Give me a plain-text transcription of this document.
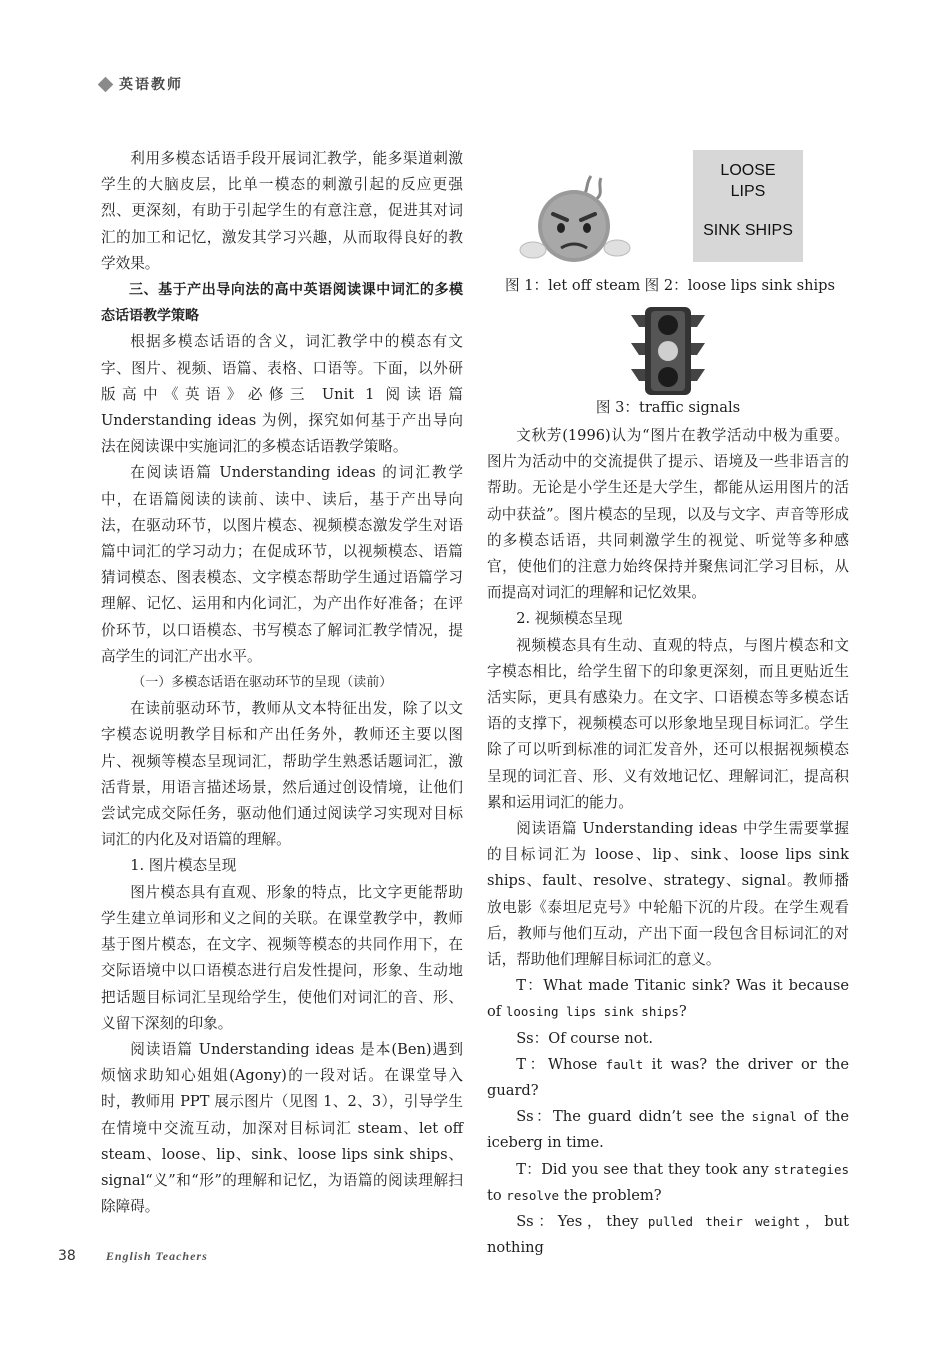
英语教师

利用多模态话语手段开展词汇教学，能多渠道刺激学生的大脑皮层，比单一模态的刺激引起的反应更强烈、更深刻，有助于引起学生的有意注意，促进其对词汇的加工和记忆，激发其学习兴趣，从而取得良好的教学效果。

三、基于产出导向法的高中英语阅读课中词汇的多模态话语教学策略

根据多模态话语的含义，词汇教学中的模态有文字、图片、视频、语篇、表格、口语等。下面，以外研版高中《英语》必修三 Unit 1 阅读语篇 Understanding ideas 为例，探究如何基于产出导向法在阅读课中实施词汇的多模态话语教学策略。

在阅读语篇 Understanding ideas 的词汇教学中，在语篇阅读的读前、读中、读后，基于产出导向法，在驱动环节，以图片模态、视频模态激发学生对语篇中词汇的学习动力；在促成环节，以视频模态、语篇猜词模态、图表模态、文字模态帮助学生通过语篇学习理解、记忆、运用和内化词汇，为产出作好准备；在评价环节，以口语模态、书写模态了解词汇教学情况，提高学生的词汇产出水平。

（一）多模态话语在驱动环节的呈现（读前）

在读前驱动环节，教师从文本特征出发，除了以文字模态说明教学目标和产出任务外，教师还主要以图片、视频等模态呈现词汇，帮助学生熟悉话题词汇，激活背景，用语言描述场景，然后通过创设情境，让他们尝试完成交际任务，驱动他们通过阅读学习实现对目标词汇的内化及对语篇的理解。

1. 图片模态呈现

图片模态具有直观、形象的特点，比文字更能帮助学生建立单词形和义之间的关联。在课堂教学中，教师基于图片模态，在文字、视频等模态的共同作用下，在交际语境中以口语模态进行启发性提问，形象、生动地把话题目标词汇呈现给学生，使他们对词汇的音、形、义留下深刻的印象。

阅读语篇 Understanding ideas 是本(Ben)遇到烦恼求助知心姐姐(Agony)的一段对话。在课堂导入时，教师用 PPT 展示图片（见图 1、2、3），引导学生在情境中交流互动，加深对目标词汇 steam、let off steam、loose、lip、sink、loose lips sink ships、signal“义”和“形”的理解和记忆，为语篇的阅读理解扫除障碍。

LOOSE
LIPS
SINK SHIPS
图 1：let off steam 图 2：loose lips sink ships
图 3：traffic signals

文秋芳(1996)认为“图片在教学活动中极为重要。图片为活动中的交流提供了提示、语境及一些非语言的帮助。无论是小学生还是大学生，都能从运用图片的活动中获益”。图片模态的呈现，以及与文字、声音等形成的多模态话语，共同刺激学生的视觉、听觉等多种感官，使他们的注意力始终保持并聚焦词汇学习目标，从而提高对词汇的理解和记忆效果。

2. 视频模态呈现

视频模态具有生动、直观的特点，与图片模态和文字模态相比，给学生留下的印象更深刻，而且更贴近生活实际，更具有感染力。在文字、口语模态等多模态话语的支撑下，视频模态可以形象地呈现目标词汇。学生除了可以听到标准的词汇发音外，还可以根据视频模态呈现的词汇音、形、义有效地记忆、理解词汇，提高积累和运用词汇的能力。

阅读语篇 Understanding ideas 中学生需要掌握的目标词汇为 loose、lip、sink、loose lips sink ships、fault、resolve、strategy、signal。教师播放电影《泰坦尼克号》中轮船下沉的片段。在学生观看后，教师与他们互动，产出下面一段包含目标词汇的对话，帮助他们理解目标词汇的意义。

T：What made Titanic sink? Was it because of loosing lips sink ships?

Ss：Of course not.

T：Whose fault it was? the driver or the guard?

Ss：The guard didn’t see the signal of the iceberg in time.

T：Did you see that they took any strategies to resolve the problem?

Ss：Yes，they pulled their weight，but nothing

38	English Teachers
